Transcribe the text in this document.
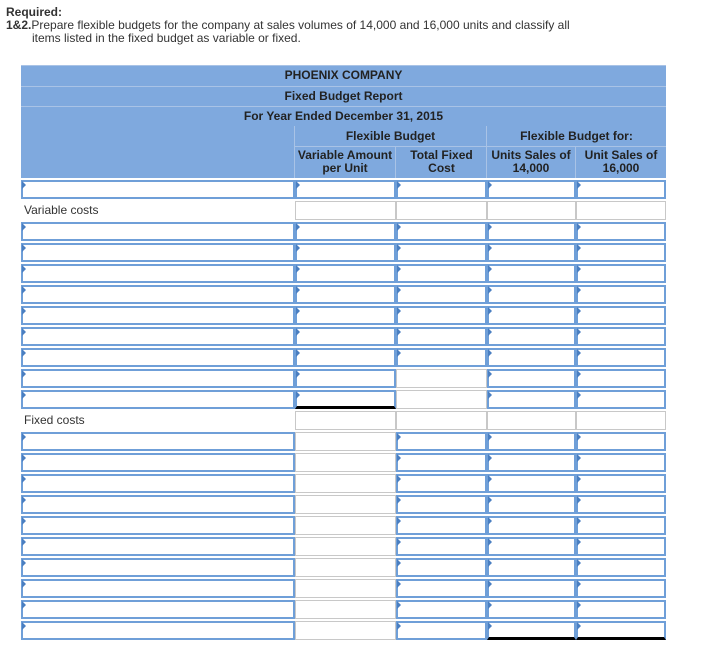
Required:
1&2.Prepare flexible budgets for the company at sales volumes of 14,000 and 16,000 units and classify all
items listed in the fixed budget as variable or fixed.
PHOENIX COMPANY
Fixed Budget Report
For Year Ended December 31, 2015
Flexible Budget
Variable Amount per Unit
Total Fixed Cost
Flexible Budget for:
Units Sales of 14,000
Unit Sales of 16,000
Variable costs
Fixed costs
